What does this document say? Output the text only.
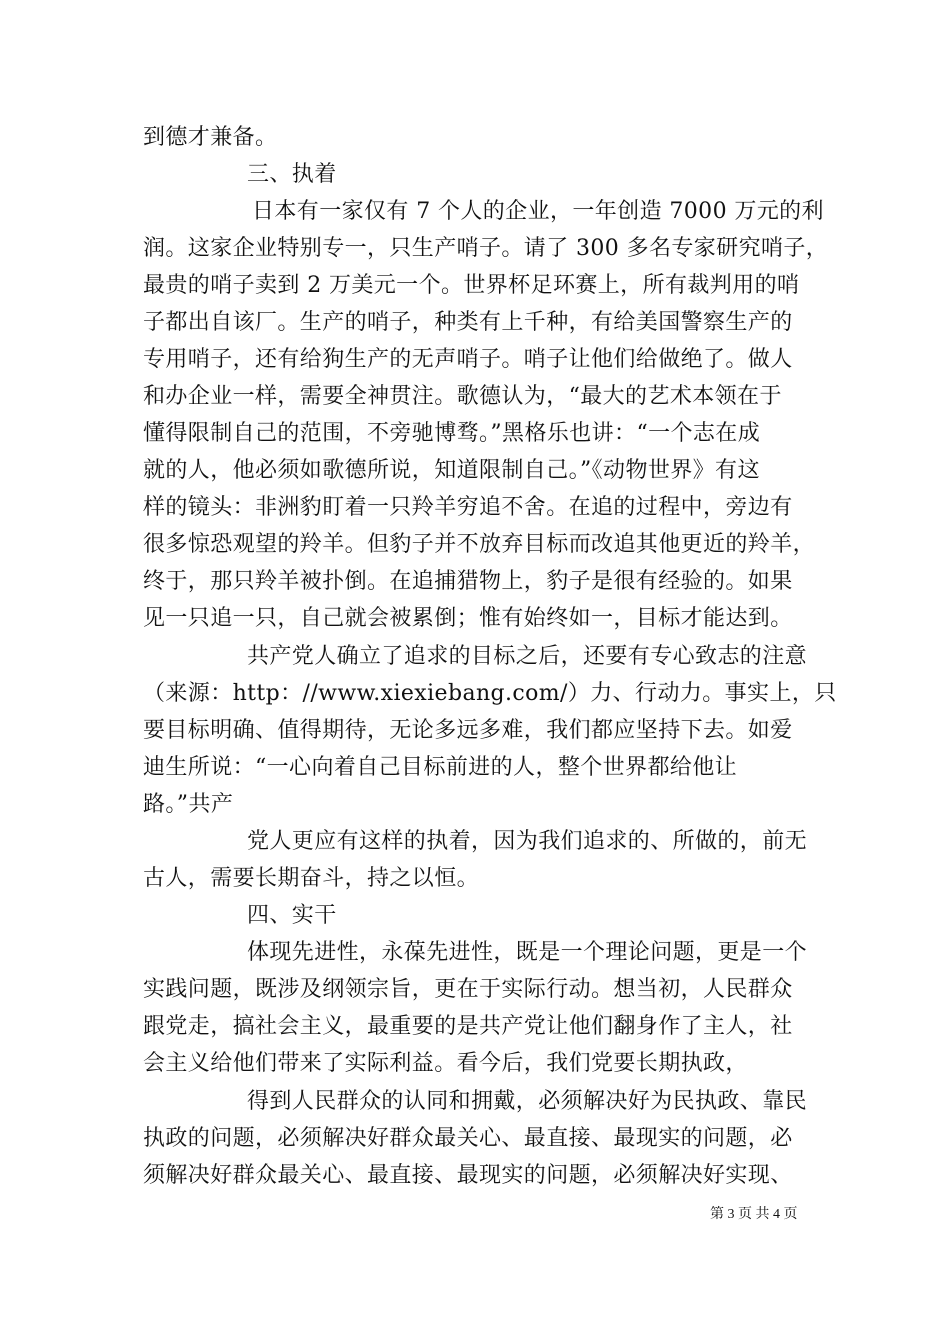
到德才兼备。

三、执着

日本有一家仅有 7 个人的企业，一年创造 7000 万元的利

润。这家企业特别专一，只生产哨子。请了 300 多名专家研究哨子，

最贵的哨子卖到 2 万美元一个。世界杯足环赛上，所有裁判用的哨

子都出自该厂。生产的哨子，种类有上千种，有给美国警察生产的

专用哨子，还有给狗生产的无声哨子。哨子让他们给做绝了。做人

和办企业一样，需要全神贯注。歌德认为，“最大的艺术本领在于

懂得限制自己的范围，不旁驰博骛。”黑格乐也讲：“一个志在成

就的人，他必须如歌德所说，知道限制自己。”《动物世界》有这

样的镜头：非洲豹盯着一只羚羊穷追不舍。在追的过程中，旁边有

很多惊恐观望的羚羊。但豹子并不放弃目标而改追其他更近的羚羊，

终于，那只羚羊被扑倒。在追捕猎物上，豹子是很有经验的。如果

见一只追一只，自己就会被累倒；惟有始终如一，目标才能达到。

共产党人确立了追求的目标之后，还要有专心致志的注意

（来源：http：//www.xiexiebang.com/）力、行动力。事实上，只

要目标明确、值得期待，无论多远多难，我们都应坚持下去。如爱

迪生所说：“一心向着自己目标前进的人，整个世界都给他让

路。”共产

党人更应有这样的执着，因为我们追求的、所做的，前无

古人，需要长期奋斗，持之以恒。

四、实干

体现先进性，永葆先进性，既是一个理论问题，更是一个

实践问题，既涉及纲领宗旨，更在于实际行动。想当初，人民群众

跟党走，搞社会主义，最重要的是共产党让他们翻身作了主人，社

会主义给他们带来了实际利益。看今后，我们党要长期执政，

得到人民群众的认同和拥戴，必须解决好为民执政、靠民

执政的问题，必须解决好群众最关心、最直接、最现实的问题，必

须解决好群众最关心、最直接、最现实的问题，必须解决好实现、

第 3 页 共 4 页
